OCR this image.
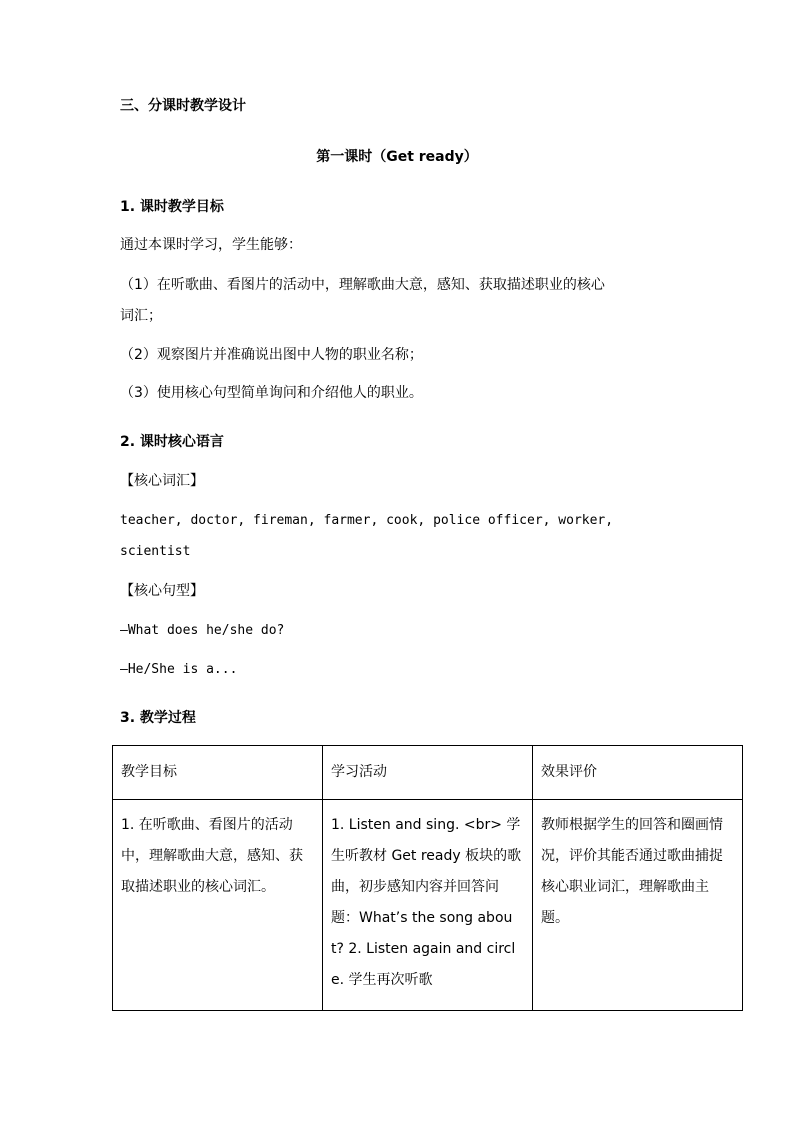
三、分课时教学设计
第一课时（Get ready）
1. 课时教学目标
通过本课时学习，学生能够：
（1）在听歌曲、看图片的活动中，理解歌曲大意，感知、获取描述职业的核心
词汇；
（2）观察图片并准确说出图中人物的职业名称；
（3）使用核心句型简单询问和介绍他人的职业。
2. 课时核心语言
【核心词汇】
teacher, doctor, fireman, farmer, cook, police officer, worker,
scientist
【核心句型】
—What does he/she do?
—He/She is a...
3. 教学过程
教学目标	学习活动	效果评价

1. 在听歌曲、看图片的活动中，理解歌曲大意，感知、获取描述职业的核心词汇。	1. Listen and sing. <br> 学生听教材 Get ready 板块的歌曲，初步感知内容并回答问题：What’s the song about? 2. Listen again and circle. 学生再次听歌	教师根据学生的回答和圈画情况，评价其能否通过歌曲捕捉核心职业词汇，理解歌曲主题。
